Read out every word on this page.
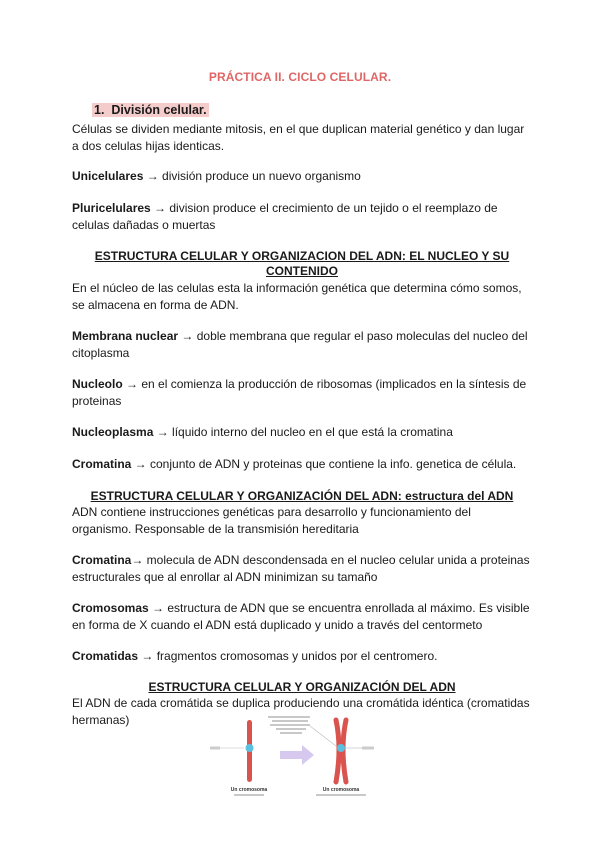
PRÁCTICA II. CICLO CELULAR.
1. División celular.
Células se dividen mediante mitosis, en el que duplican material genético y dan lugar a dos celulas hijas identicas.
Unicelulares → división produce un nuevo organismo
Pluricelulares → division produce el crecimiento de un tejido o el reemplazo de celulas dañadas o muertas
ESTRUCTURA CELULAR Y ORGANIZACION DEL ADN: EL NUCLEO Y SU CONTENIDO
En el núcleo de las celulas esta la información genética que determina cómo somos, se almacena en forma de ADN.
Membrana nuclear → doble membrana que regular el paso moleculas del nucleo del citoplasma
Nucleolo → en el comienza la producción de ribosomas (implicados en la síntesis de proteinas
Nucleoplasma → líquido interno del nucleo en el que está la cromatina
Cromatina → conjunto de ADN y proteinas que contiene la info. genetica de célula.
ESTRUCTURA CELULAR Y ORGANIZACIÓN DEL ADN: estructura del ADN
ADN contiene instrucciones genéticas para desarrollo y funcionamiento del organismo. Responsable de la transmisión hereditaria
Cromatina→ molecula de ADN descondensada en el nucleo celular unida a proteinas estructurales que al enrollar al ADN minimizan su tamaño
Cromosomas → estructura de ADN que se encuentra enrollada al máximo. Es visible en forma de X cuando el ADN está duplicado y unido a través del centormeto
Cromatidas → fragmentos cromosomas y unidos por el centromero.
ESTRUCTURA CELULAR Y ORGANIZACIÓN DEL ADN
El ADN de cada cromátida se duplica produciendo una cromátida idéntica (cromatidas hermanas)
Un cromosoma	Un cromosoma
